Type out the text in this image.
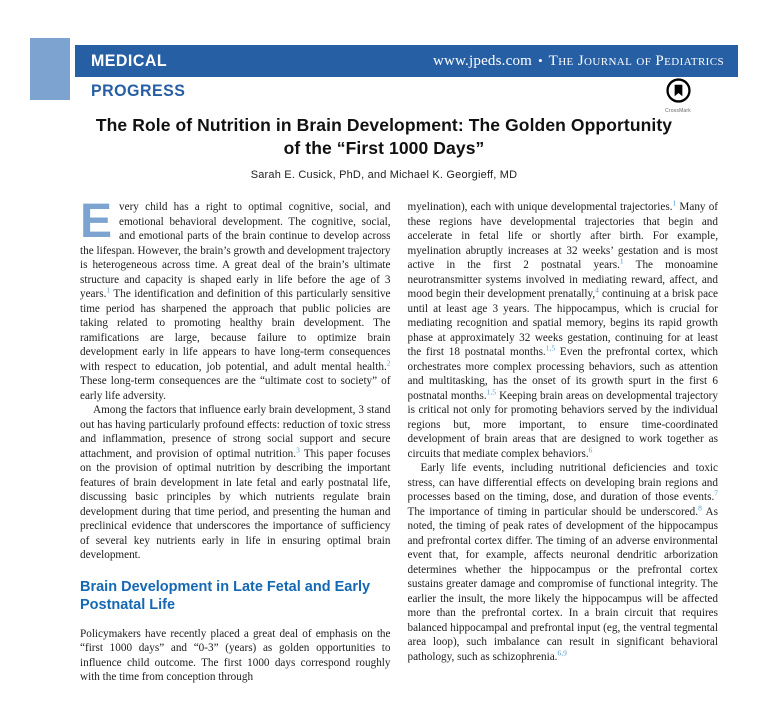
MEDICAL	www.jpeds.com • The Journal of Pediatrics
PROGRESS
CrossMark
The Role of Nutrition in Brain Development: The Golden Opportunity
of the “First 1000 Days”
Sarah E. Cusick, PhD, and Michael K. Georgieff, MD

Every child has a right to optimal cognitive, social, and emotional behavioral development. The cognitive, social, and emotional parts of the brain continue to develop across the lifespan. However, the brain’s growth and development trajectory is heterogeneous across time. A great deal of the brain’s ultimate structure and capacity is shaped early in life before the age of 3 years.$^1$ The identification and definition of this particularly sensitive time period has sharpened the approach that public policies are taking related to promoting healthy brain development. The ramifications are large, because failure to optimize brain development early in life appears to have long-term consequences with respect to education, job potential, and adult mental health.$^2$ These long-term consequences are the “ultimate cost to society” of early life adversity.

Among the factors that influence early brain development, 3 stand out has having particularly profound effects: reduction of toxic stress and inflammation, presence of strong social support and secure attachment, and provision of optimal nutrition.$^3$ This paper focuses on the provision of optimal nutrition by describing the important features of brain development in late fetal and early postnatal life, discussing basic principles by which nutrients regulate brain development during that time period, and presenting the human and preclinical evidence that underscores the importance of sufficiency of several key nutrients early in life in ensuring optimal brain development.

Brain Development in Late Fetal and Early Postnatal Life

Policymakers have recently placed a great deal of emphasis on the “first 1000 days” and “0-3” (years) as golden opportunities to influence child outcome. The first 1000 days correspond roughly with the time from conception through

myelination), each with unique developmental trajectories.$^1$ Many of these regions have developmental trajectories that begin and accelerate in fetal life or shortly after birth. For example, myelination abruptly increases at 32 weeks’ gestation and is most active in the first 2 postnatal years.$^1$ The monoamine neurotransmitter systems involved in mediating reward, affect, and mood begin their development prenatally,$^4$ continuing at a brisk pace until at least age 3 years. The hippocampus, which is crucial for mediating recognition and spatial memory, begins its rapid growth phase at approximately 32 weeks gestation, continuing for at least the first 18 postnatal months.$^{1,5}$ Even the prefrontal cortex, which orchestrates more complex processing behaviors, such as attention and multitasking, has the onset of its growth spurt in the first 6 postnatal months.$^{1,5}$ Keeping brain areas on developmental trajectory is critical not only for promoting behaviors served by the individual regions but, more important, to ensure time-coordinated development of brain areas that are designed to work together as circuits that mediate complex behaviors.$^6$

Early life events, including nutritional deficiencies and toxic stress, can have differential effects on developing brain regions and processes based on the timing, dose, and duration of those events.$^7$ The importance of timing in particular should be underscored.$^8$ As noted, the timing of peak rates of development of the hippocampus and prefrontal cortex differ. The timing of an adverse environmental event that, for example, affects neuronal dendritic arborization determines whether the hippocampus or the prefrontal cortex sustains greater damage and compromise of functional integrity. The earlier the insult, the more likely the hippocampus will be affected more than the prefrontal cortex. In a brain circuit that requires balanced hippocampal and prefrontal input (eg, the ventral tegmental area loop), such imbalance can result in significant behavioral pathology, such as schizophrenia.$^{6,9}$
